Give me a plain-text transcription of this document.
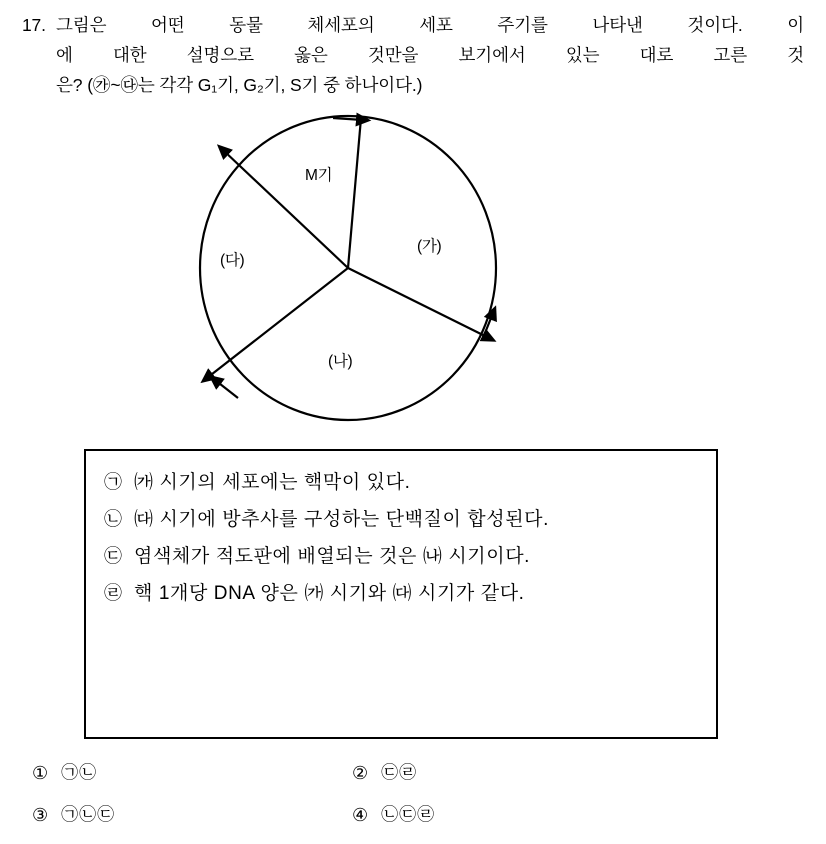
17. 그림은 어떤 동물 체세포의 세포 주기를 나타낸 것이다. 이
에 대한 설명으로 옳은 것만을 보기에서 있는 대로 고른 것
은? (㉮~㉰는 각각 G₁기, G₂기, S기 중 하나이다.)
M기
(가)
(나)
(다)
㉠ ㈎ 시기의 세포에는 핵막이 있다.
㉡ ㈐ 시기에 방추사를 구성하는 단백질이 합성된다.
㉢ 염색체가 적도판에 배열되는 것은 ㈏ 시기이다.
㉣ 핵 1개당 DNA 양은 ㈎ 시기와 ㈐ 시기가 같다.
① ㉠㉡	② ㉢㉣
③ ㉠㉡㉢	④ ㉡㉢㉣
